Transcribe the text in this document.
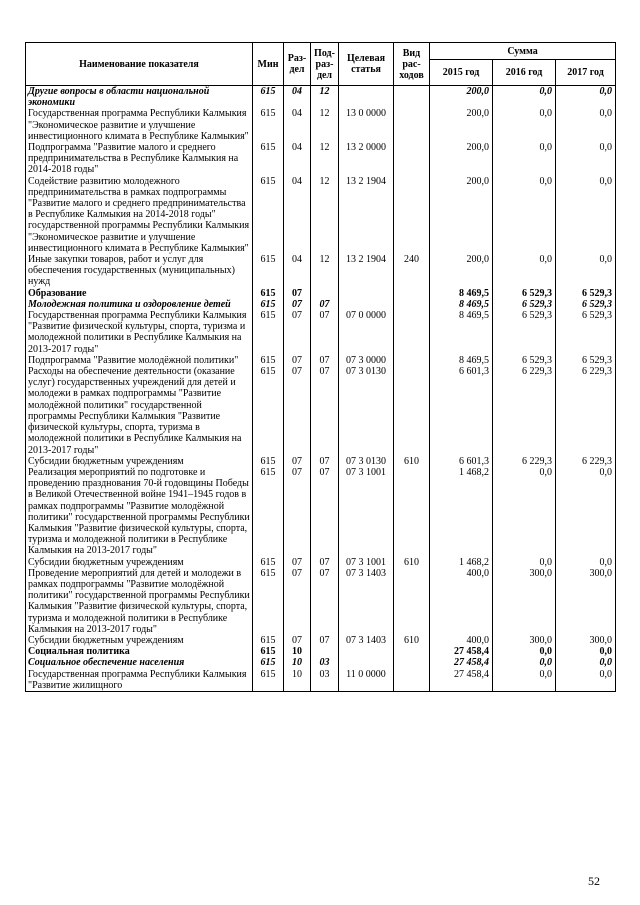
Наименование показателя	Мин	Раз-дел	Под-раз-дел	Целевая статья	Вид рас-ходов	Сумма		
						2015 год	2016 год	2017 год
Другие вопросы в области национальной экономики	615	04	12			200,0	0,0	0,0
Государственная программа Республики Калмыкия "Экономическое развитие и улучшение инвестиционного климата в Республике Калмыкия"	615	04	12	13 0 0000		200,0	0,0	0,0
Подпрограмма "Развитие малого и среднего предпринимательства в Республике Калмыкия на 2014-2018 годы"	615	04	12	13 2 0000		200,0	0,0	0,0
Содействие развитию молодежного предпринимательства в рамках подпрограммы "Развитие малого и среднего предпринимательства в Республике Калмыкия на 2014-2018 годы" государственной программы Республики Калмыкия "Экономическое развитие и улучшение инвестиционного климата в Республике Калмыкия"	615	04	12	13 2 1904		200,0	0,0	0,0
Иные закупки товаров, работ и услуг для обеспечения государственных (муниципальных) нужд	615	04	12	13 2 1904	240	200,0	0,0	0,0
Образование	615	07				8 469,5	6 529,3	6 529,3
Молодежная политика и оздоровление детей	615	07	07			8 469,5	6 529,3	6 529,3
Государственная программа Республики Калмыкия "Развитие физической культуры, спорта, туризма и молодежной политики в Республике Калмыкия на 2013-2017 годы"	615	07	07	07 0 0000		8 469,5	6 529,3	6 529,3
Подпрограмма "Развитие молодёжной политики"	615	07	07	07 3 0000		8 469,5	6 529,3	6 529,3
Расходы на обеспечение деятельности (оказание услуг) государственных учреждений для детей и молодежи в рамках подпрограммы "Развитие молодёжной политики" государственной программы Республики Калмыкия "Развитие физической культуры, спорта, туризма в молодежной политики в Республике Калмыкия на 2013-2017 годы"	615	07	07	07 3 0130		6 601,3	6 229,3	6 229,3
Субсидии бюджетным учреждениям	615	07	07	07 3 0130	610	6 601,3	6 229,3	6 229,3
Реализация мероприятий по подготовке и проведению празднования 70-й годовщины Победы в Великой Отечественной войне 1941–1945 годов в рамках подпрограммы "Развитие молодёжной политики" государственной программы Республики Калмыкия "Развитие физической культуры, спорта, туризма и молодежной политики в Республике Калмыкия на 2013-2017 годы"	615	07	07	07 3 1001		1 468,2	0,0	0,0
Субсидии бюджетным учреждениям	615	07	07	07 3 1001	610	1 468,2	0,0	0,0
Проведение мероприятий для детей и молодежи в рамках подпрограммы "Развитие молодёжной политики" государственной программы Республики Калмыкия "Развитие физической культуры, спорта, туризма и молодежной политики в Республике Калмыкия на 2013-2017 годы"	615	07	07	07 3 1403		400,0	300,0	300,0
Субсидии бюджетным учреждениям	615	07	07	07 3 1403	610	400,0	300,0	300,0
Социальная политика	615	10				27 458,4	0,0	0,0
Социальное обеспечение населения	615	10	03			27 458,4	0,0	0,0
Государственная программа Республики Калмыкия "Развитие жилищного	615	10	03	11 0 0000		27 458,4	0,0	0,0
52
